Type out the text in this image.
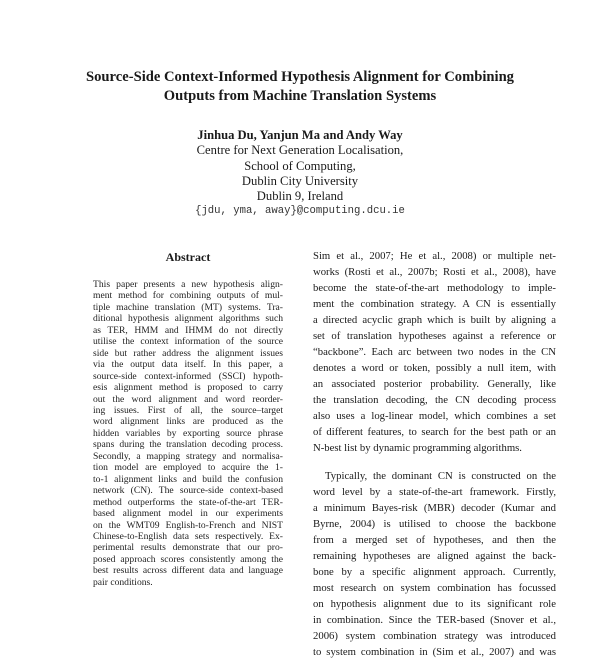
Source-Side Context-Informed Hypothesis Alignment for Combining
Outputs from Machine Translation Systems
Jinhua Du, Yanjun Ma and Andy Way
Centre for Next Generation Localisation,
School of Computing,
Dublin City University
Dublin 9, Ireland
{jdu, yma, away}@computing.dcu.ie
Abstract
This paper presents a new hypothesis align-
ment method for combining outputs of mul-
tiple machine translation (MT) systems. Tra-
ditional hypothesis alignment algorithms such
as TER, HMM and IHMM do not directly
utilise the context information of the source
side but rather address the alignment issues
via the output data itself. In this paper, a
source-side context-informed (SSCI) hypoth-
esis alignment method is proposed to carry
out the word alignment and word reorder-
ing issues. First of all, the source–target
word alignment links are produced as the
hidden variables by exporting source phrase
spans during the translation decoding process.
Secondly, a mapping strategy and normalisa-
tion model are employed to acquire the 1-
to-1 alignment links and build the confusion
network (CN). The source-side context-based
method outperforms the state-of-the-art TER-
based alignment model in our experiments
on the WMT09 English-to-French and NIST
Chinese-to-English data sets respectively. Ex-
perimental results demonstrate that our pro-
posed approach scores consistently among the
best results across different data and language
pair conditions.
Sim et al., 2007; He et al., 2008) or multiple net-
works (Rosti et al., 2007b; Rosti et al., 2008), have
become the state-of-the-art methodology to imple-
ment the combination strategy. A CN is essentially
a directed acyclic graph which is built by aligning a
set of translation hypotheses against a reference or
“backbone”. Each arc between two nodes in the CN
denotes a word or token, possibly a null item, with
an associated posterior probability. Generally, like
the translation decoding, the CN decoding process
also uses a log-linear model, which combines a set
of different features, to search for the best path or an
N-best list by dynamic programming algorithms.
Typically, the dominant CN is constructed on the
word level by a state-of-the-art framework. Firstly,
a minimum Bayes-risk (MBR) decoder (Kumar and
Byrne, 2004) is utilised to choose the backbone
from a merged set of hypotheses, and then the
remaining hypotheses are aligned against the back-
bone by a specific alignment approach. Currently,
most research on system combination has focussed
on hypothesis alignment due to its significant role
in combination. Since the TER-based (Snover et al.,
2006) system combination strategy was introduced
to system combination in (Sim et al., 2007) and was
